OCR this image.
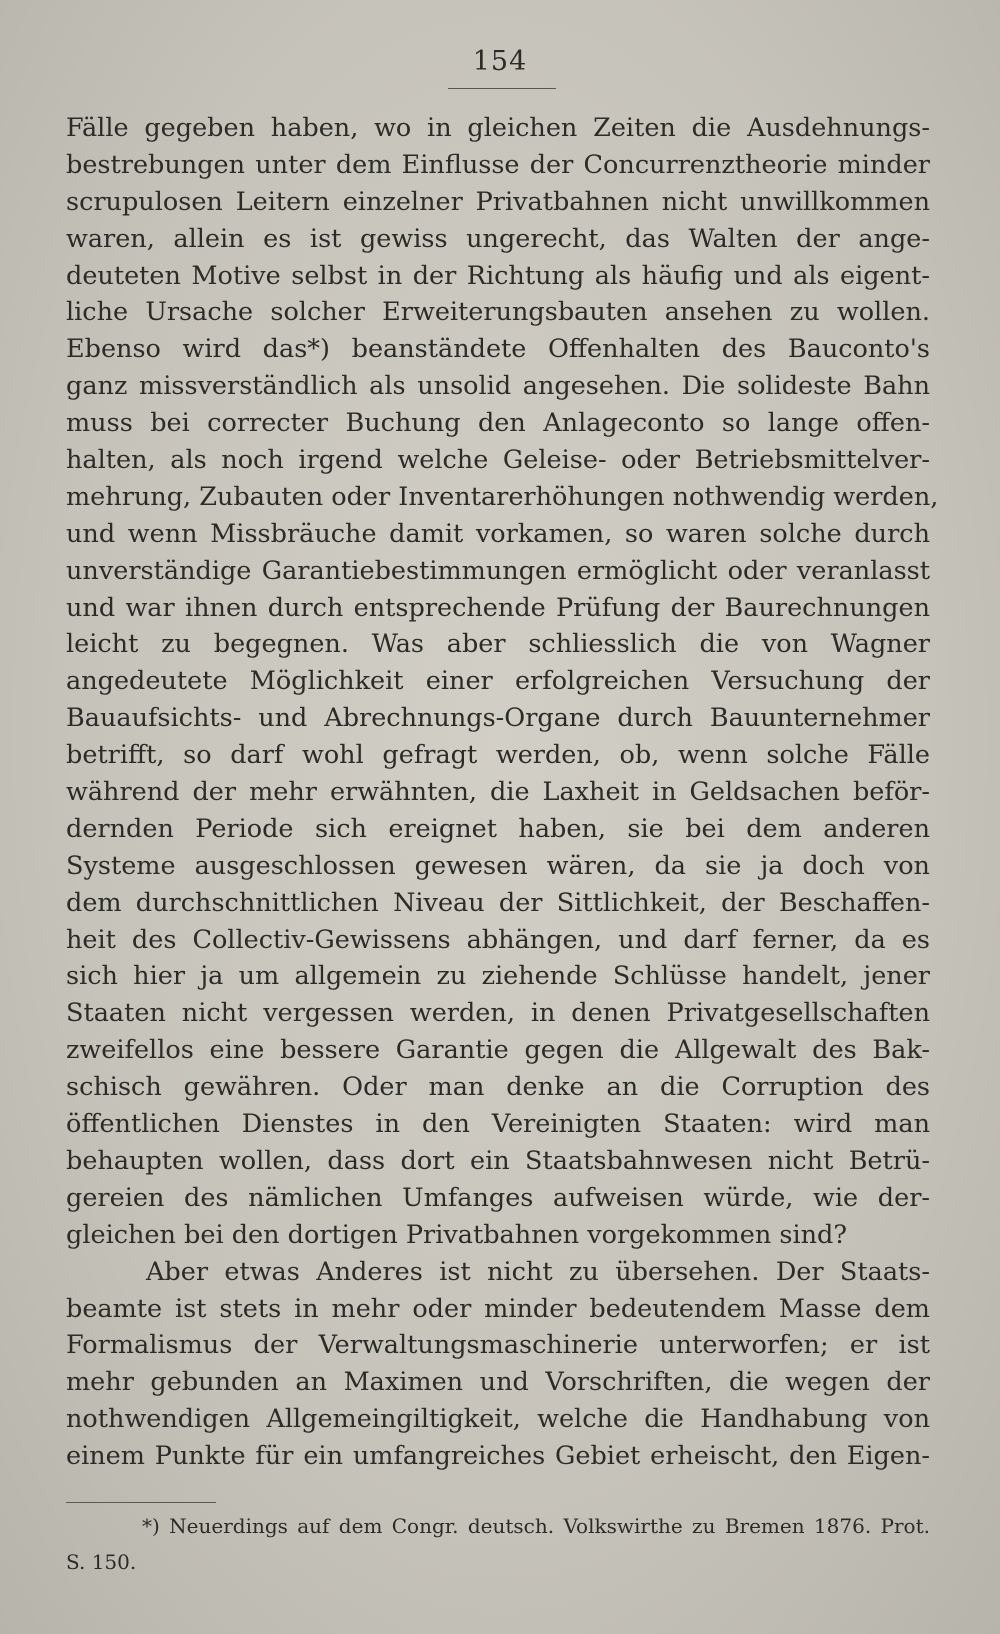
154
Fälle gegeben haben, wo in gleichen Zeiten die Ausdehnungs-
bestrebungen unter dem Einflusse der Concurrenztheorie minder
scrupulosen Leitern einzelner Privatbahnen nicht unwillkommen
waren, allein es ist gewiss ungerecht, das Walten der ange-
deuteten Motive selbst in der Richtung als häufig und als eigent-
liche Ursache solcher Erweiterungsbauten ansehen zu wollen.
Ebenso wird das*) beanständete Offenhalten des Bauconto's
ganz missverständlich als unsolid angesehen. Die solideste Bahn
muss bei correcter Buchung den Anlageconto so lange offen-
halten, als noch irgend welche Geleise- oder Betriebsmittelver-
mehrung, Zubauten oder Inventarerhöhungen nothwendig werden,
und wenn Missbräuche damit vorkamen, so waren solche durch
unverständige Garantiebestimmungen ermöglicht oder veranlasst
und war ihnen durch entsprechende Prüfung der Baurechnungen
leicht zu begegnen. Was aber schliesslich die von Wagner
angedeutete Möglichkeit einer erfolgreichen Versuchung der
Bauaufsichts- und Abrechnungs-Organe durch Bauunternehmer
betrifft, so darf wohl gefragt werden, ob, wenn solche Fälle
während der mehr erwähnten, die Laxheit in Geldsachen beför-
dernden Periode sich ereignet haben, sie bei dem anderen
Systeme ausgeschlossen gewesen wären, da sie ja doch von
dem durchschnittlichen Niveau der Sittlichkeit, der Beschaffen-
heit des Collectiv-Gewissens abhängen, und darf ferner, da es
sich hier ja um allgemein zu ziehende Schlüsse handelt, jener
Staaten nicht vergessen werden, in denen Privatgesellschaften
zweifellos eine bessere Garantie gegen die Allgewalt des Bak-
schisch gewähren. Oder man denke an die Corruption des
öffentlichen Dienstes in den Vereinigten Staaten: wird man
behaupten wollen, dass dort ein Staatsbahnwesen nicht Betrü-
gereien des nämlichen Umfanges aufweisen würde, wie der-
gleichen bei den dortigen Privatbahnen vorgekommen sind?
Aber etwas Anderes ist nicht zu übersehen. Der Staats-
beamte ist stets in mehr oder minder bedeutendem Masse dem
Formalismus der Verwaltungsmaschinerie unterworfen; er ist
mehr gebunden an Maximen und Vorschriften, die wegen der
nothwendigen Allgemeingiltigkeit, welche die Handhabung von
einem Punkte für ein umfangreiches Gebiet erheischt, den Eigen-
*) Neuerdings auf dem Congr. deutsch. Volkswirthe zu Bremen 1876. Prot.
S. 150.
